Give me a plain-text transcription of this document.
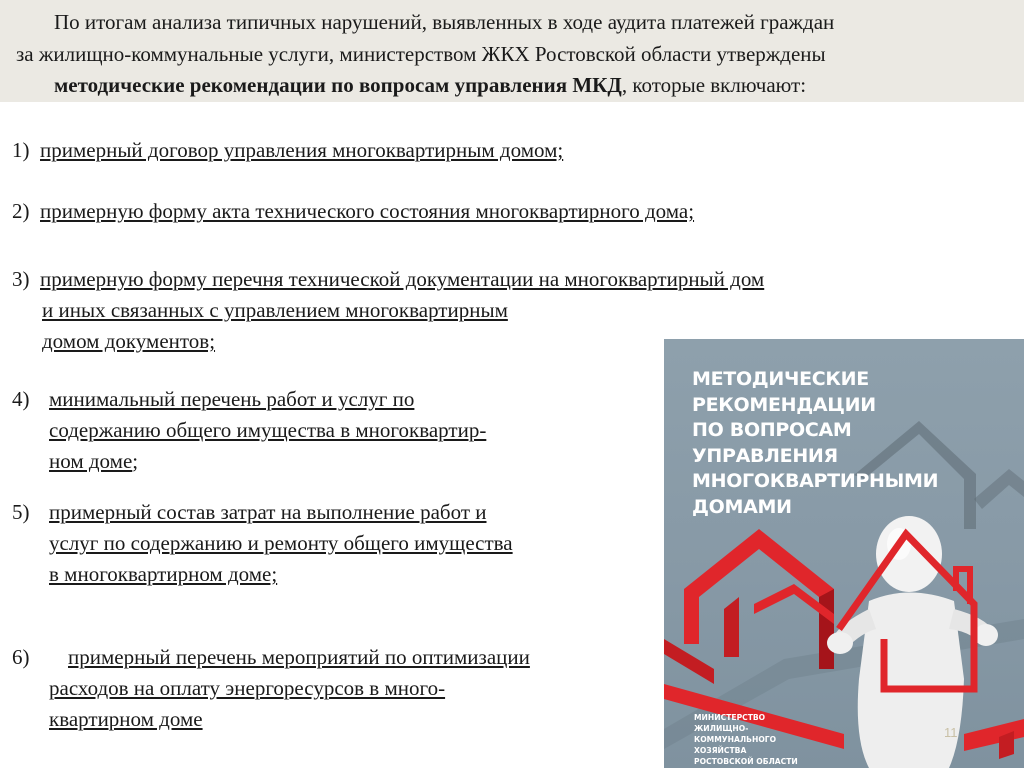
По итогам анализа типичных нарушений, выявленных в ходе аудита платежей граждан
за жилищно-коммунальные услуги, министерством ЖКХ Ростовской области утверждены
методические рекомендации по вопросам управления МКД, которые включают:
1) примерный договор управления многоквартирным домом;
2) примерную форму акта технического состояния многоквартирного дома;
3) примерную форму перечня технической документации на многоквартирный дом
и иных связанных с управлением многоквартирным
домом документов;
4) минимальный перечень работ и услуг по
содержанию общего имущества в многоквартир-
ном доме;
5) примерный состав затрат на выполнение работ и
услуг по содержанию и ремонту общего имущества
в многоквартирном доме;
6) примерный перечень мероприятий по оптимизации
расходов на оплату энергоресурсов в много-
квартирном доме
МЕТОДИЧЕСКИЕ
РЕКОМЕНДАЦИИ
ПО ВОПРОСАМ
УПРАВЛЕНИЯ
МНОГОКВАРТИРНЫМИ
ДОМАМИ
МИНИСТЕРСТВО
ЖИЛИЩНО-
КОММУНАЛЬНОГО
ХОЗЯЙСТВА
РОСТОВСКОЙ ОБЛАСТИ
11
